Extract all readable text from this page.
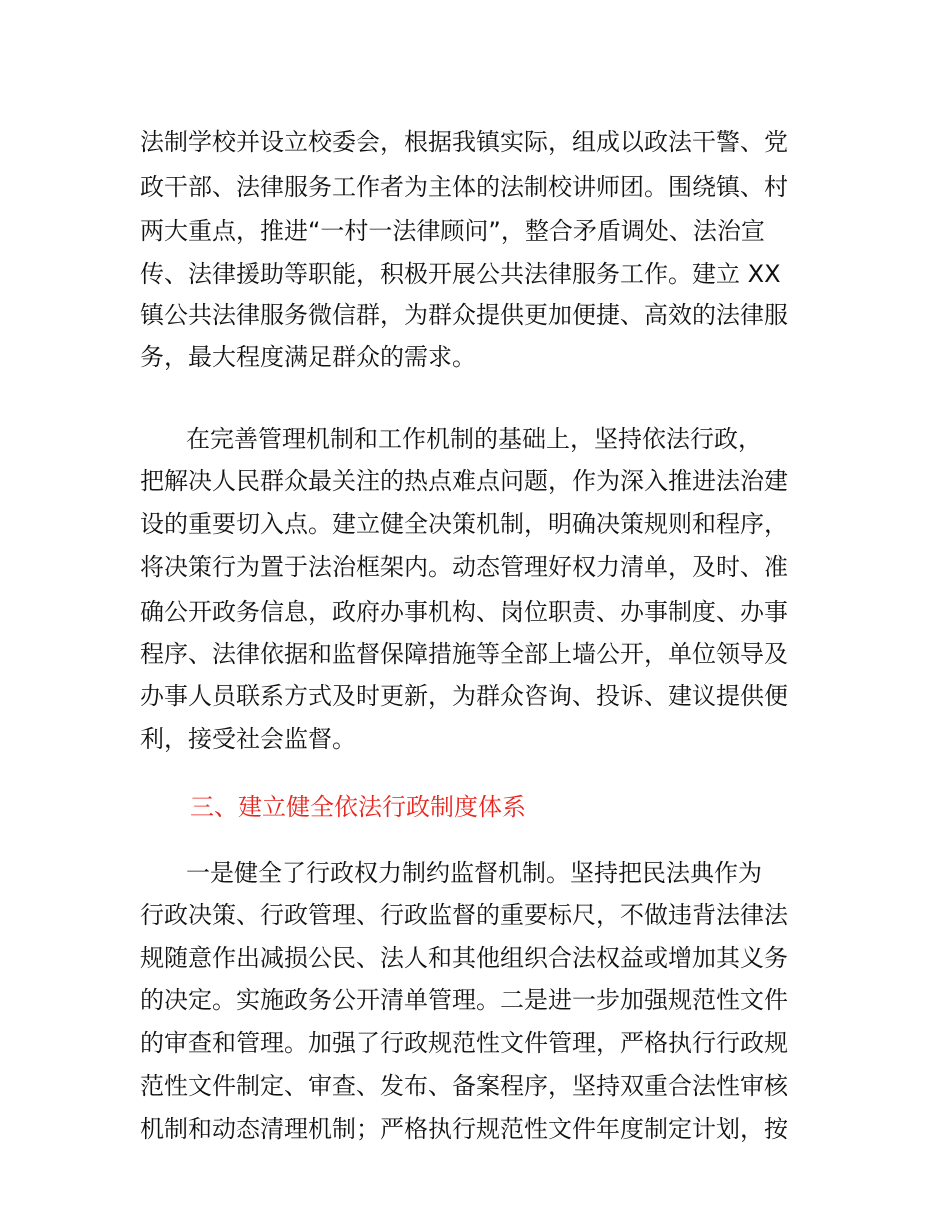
法制学校并设立校委会，根据我镇实际，组成以政法干警、党
政干部、法律服务工作者为主体的法制校讲师团。围绕镇、村
两大重点，推进“一村一法律顾问”，整合矛盾调处、法治宣
传、法律援助等职能，积极开展公共法律服务工作。建立 XX
镇公共法律服务微信群，为群众提供更加便捷、高效的法律服
务，最大程度满足群众的需求。
在完善管理机制和工作机制的基础上，坚持依法行政，
把解决人民群众最关注的热点难点问题，作为深入推进法治建
设的重要切入点。建立健全决策机制，明确决策规则和程序，
将决策行为置于法治框架内。动态管理好权力清单，及时、准
确公开政务信息，政府办事机构、岗位职责、办事制度、办事
程序、法律依据和监督保障措施等全部上墙公开，单位领导及
办事人员联系方式及时更新，为群众咨询、投诉、建议提供便
利，接受社会监督。
三、建立健全依法行政制度体系
一是健全了行政权力制约监督机制。坚持把民法典作为
行政决策、行政管理、行政监督的重要标尺，不做违背法律法
规随意作出减损公民、法人和其他组织合法权益或增加其义务
的决定。实施政务公开清单管理。二是进一步加强规范性文件
的审查和管理。加强了行政规范性文件管理，严格执行行政规
范性文件制定、审查、发布、备案程序，坚持双重合法性审核
机制和动态清理机制；严格执行规范性文件年度制定计划，按
